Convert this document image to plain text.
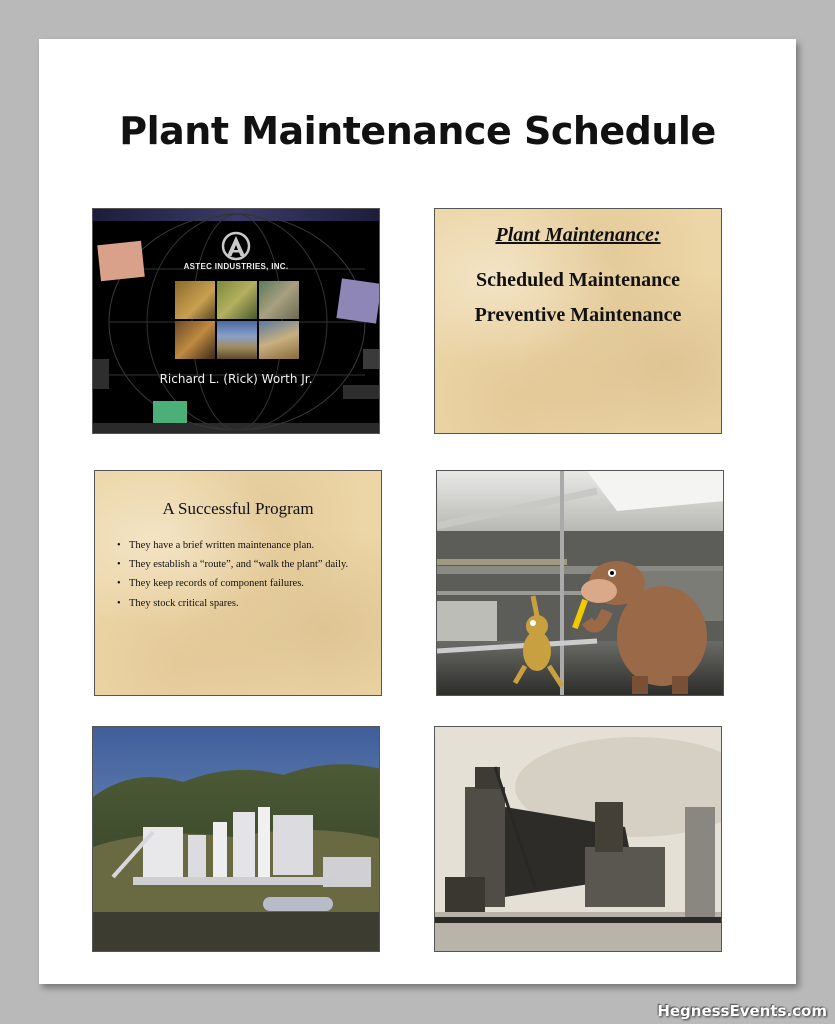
Plant Maintenance Schedule
ASTEC INDUSTRIES, INC.
Richard L. (Rick) Worth Jr.
Plant Maintenance:
Scheduled Maintenance
Preventive Maintenance
A Successful Program
• They have a brief written maintenance plan.
• They establish a “route”, and “walk the plant” daily.
• They keep records of component failures.
• They stock critical spares.
HegnessEvents.com
